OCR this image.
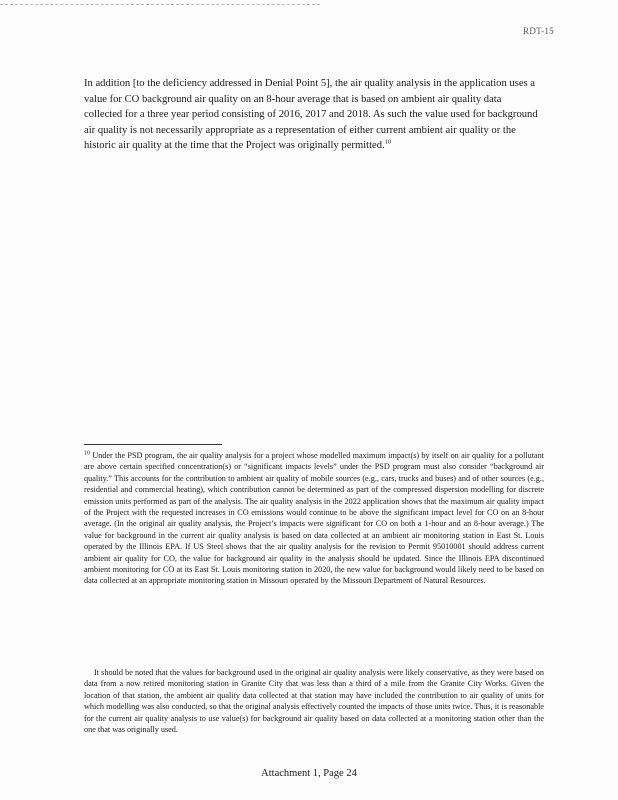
RDT-15

In addition [to the deficiency addressed in Denial Point 5], the air quality analysis in the application uses a value for CO background air quality on an 8-hour average that is based on ambient air quality data collected for a three year period consisting of 2016, 2017 and 2018. As such the value used for background air quality is not necessarily appropriate as a representation of either current ambient air quality or the historic air quality at the time that the Project was originally permitted.$^{10}$

$^{10}$ Under the PSD program, the air quality analysis for a project whose modelled maximum impact(s) by itself on air quality for a pollutant are above certain specified concentration(s) or “significant impacts levels” under the PSD program must also consider “background air quality.” This accounts for the contribution to ambient air quality of mobile sources (e.g., cars, trucks and buses) and of other sources (e.g., residential and commercial heating), which contribution cannot be determined as part of the compressed dispersion modelling for discrete emission units performed as part of the analysis. The air quality analysis in the 2022 application shows that the maximum air quality impact of the Project with the requested increases in CO emissions would continue to be above the significant impact level for CO on an 8-hour average. (In the original air quality analysis, the Project’s impacts were significant for CO on both a 1-hour and an 8-hour average.) The value for background in the current air quality analysis is based on data collected at an ambient air monitoring station in East St. Louis operated by the Illinois EPA. If US Steel shows that the air quality analysis for the revision to Permit 95010001 should address current ambient air quality for CO, the value for background air quality in the analysis should be updated. Since the Illinois EPA discontinued ambient monitoring for CO at its East St. Louis monitoring station in 2020, the new value for background would likely need to be based on data collected at an appropriate monitoring station in Missouri operated by the Missouri Department of Natural Resources.

It should be noted that the values for background used in the original air quality analysis were likely conservative, as they were based on data from a now retired monitoring station in Granite City that was less than a third of a mile from the Granite City Works. Given the location of that station, the ambient air quality data collected at that station may have included the contribution to air quality of units for which modelling was also conducted, so that the original analysis effectively counted the impacts of those units twice. Thus, it is reasonable for the current air quality analysis to use value(s) for background air quality based on data collected at a monitoring station other than the one that was originally used.

Attachment 1, Page 24
